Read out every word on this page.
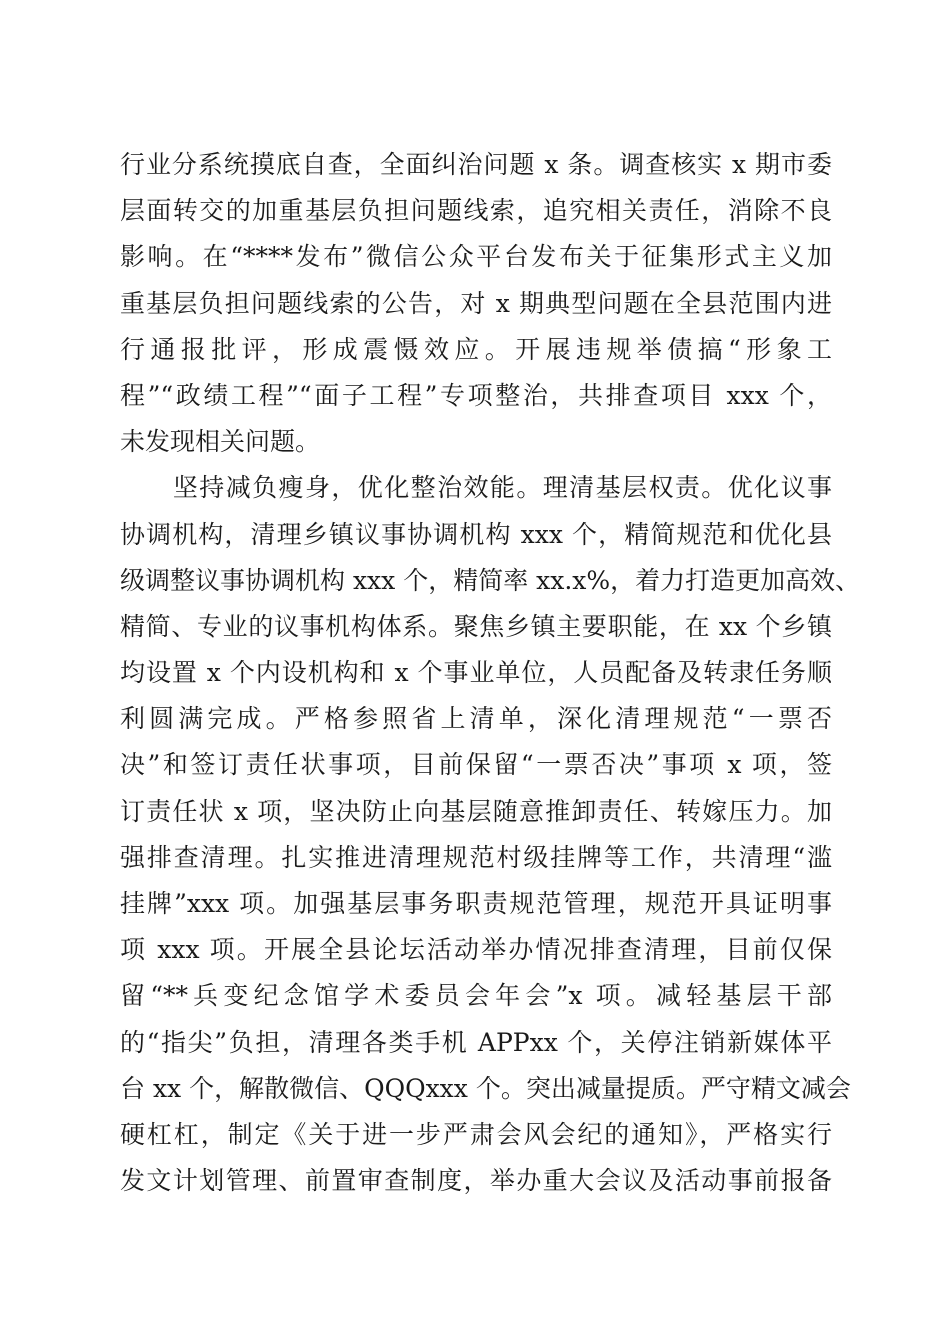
行业分系统摸底自查，全面纠治问题 x 条。调查核实 x 期市委
层面转交的加重基层负担问题线索，追究相关责任，消除不良
影响。在“****发布”微信公众平台发布关于征集形式主义加
重基层负担问题线索的公告，对 x 期典型问题在全县范围内进
行通报批评，形成震慑效应。开展违规举债搞“形象工
程”“政绩工程”“面子工程”专项整治，共排查项目 xxx 个，
未发现相关问题。
　　坚持减负瘦身，优化整治效能。理清基层权责。优化议事
协调机构，清理乡镇议事协调机构 xxx 个，精简规范和优化县
级调整议事协调机构 xxx 个，精简率 xx.x%，着力打造更加高效、
精简、专业的议事机构体系。聚焦乡镇主要职能，在 xx 个乡镇
均设置 x 个内设机构和 x 个事业单位，人员配备及转隶任务顺
利圆满完成。严格参照省上清单，深化清理规范“一票否
决”和签订责任状事项，目前保留“一票否决”事项 x 项，签
订责任状 x 项，坚决防止向基层随意推卸责任、转嫁压力。加
强排查清理。扎实推进清理规范村级挂牌等工作，共清理“滥
挂牌”xxx 项。加强基层事务职责规范管理，规范开具证明事
项 xxx 项。开展全县论坛活动举办情况排查清理，目前仅保
留“**兵变纪念馆学术委员会年会”x 项。减轻基层干部
的“指尖”负担，清理各类手机 APPxx 个，关停注销新媒体平
台 xx 个，解散微信、QQQxxx 个。突出减量提质。严守精文减会
硬杠杠，制定《关于进一步严肃会风会纪的通知》，严格实行
发文计划管理、前置审查制度，举办重大会议及活动事前报备
